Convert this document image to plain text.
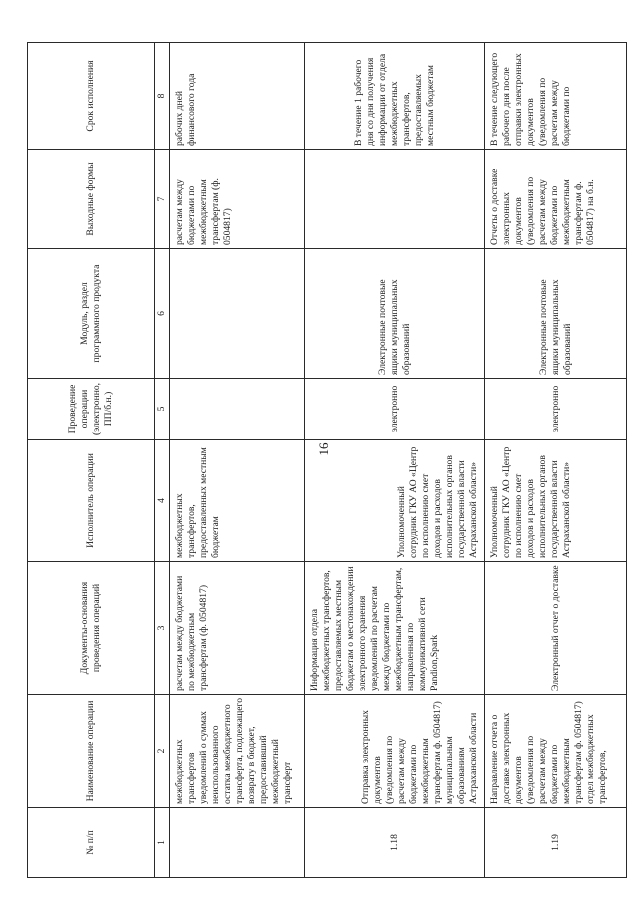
16
№ п/п	Наименование операции	Документы-основания проведения операций	Исполнитель операции	Проведение операции (электронно, ПП/б.н.)	Модуль, раздел программного продукта	Выходные формы	Срок исполнения
1	2	3	4	5	6	7	8
	межбюджетных трансфертов уведомлений о суммах неиспользованного остатка межбюджетного трансферта, подлежащего возврату в бюджет, предоставивший межбюджетный трансферт	расчетам между бюджетами по межбюджетным трансфертам (ф. 0504817)	межбюджетных трансфертов, предоставленных местным бюджетам			расчетам между бюджетами по межбюджетным трансфертам (ф. 0504817)	рабочих дней финансового года
1.18	Отправка электронных документов (уведомления по расчетам между бюджетами по межбюджетным трансфертам ф. 0504817) муниципальным образованиям Астраханской области	Информация отдела межбюджетных трансфертов, предоставляемых местным бюджетам о местонахождении электронного хранения уведомлений по расчетам между бюджетами по межбюджетным трансфертам, направленная по коммуникативной сети Pandion,Spark	Уполномоченный сотрудник ГКУ АО «Центр по исполнению смет доходов и расходов исполнительных органов государственной власти Астраханской области»	электронно	Электронные почтовые ящики муниципальных образований		В течение 1 рабочего дня со дня получения информации от отдела межбюджетных трансфертов, предоставляемых местным бюджетам
1.19	Направление отчета о доставке электронных документов (уведомления по расчетам между бюджетами по межбюджетным трансфертам ф. 0504817) отдел межбюджетных трансфертов,	Электронный отчет о доставке	Уполномоченный сотрудник ГКУ АО «Центр по исполнению смет доходов и расходов исполнительных органов государственной власти Астраханской области»	электронно	Электронные почтовые ящики муниципальных образований	Отчеты о доставке электронных документов (уведомления по расчетам между бюджетами по межбюджетным трансфертам ф. 0504817) на б.н.	В течение следующего рабочего дня после отправки электронных документов (уведомления по расчетам между бюджетами по
